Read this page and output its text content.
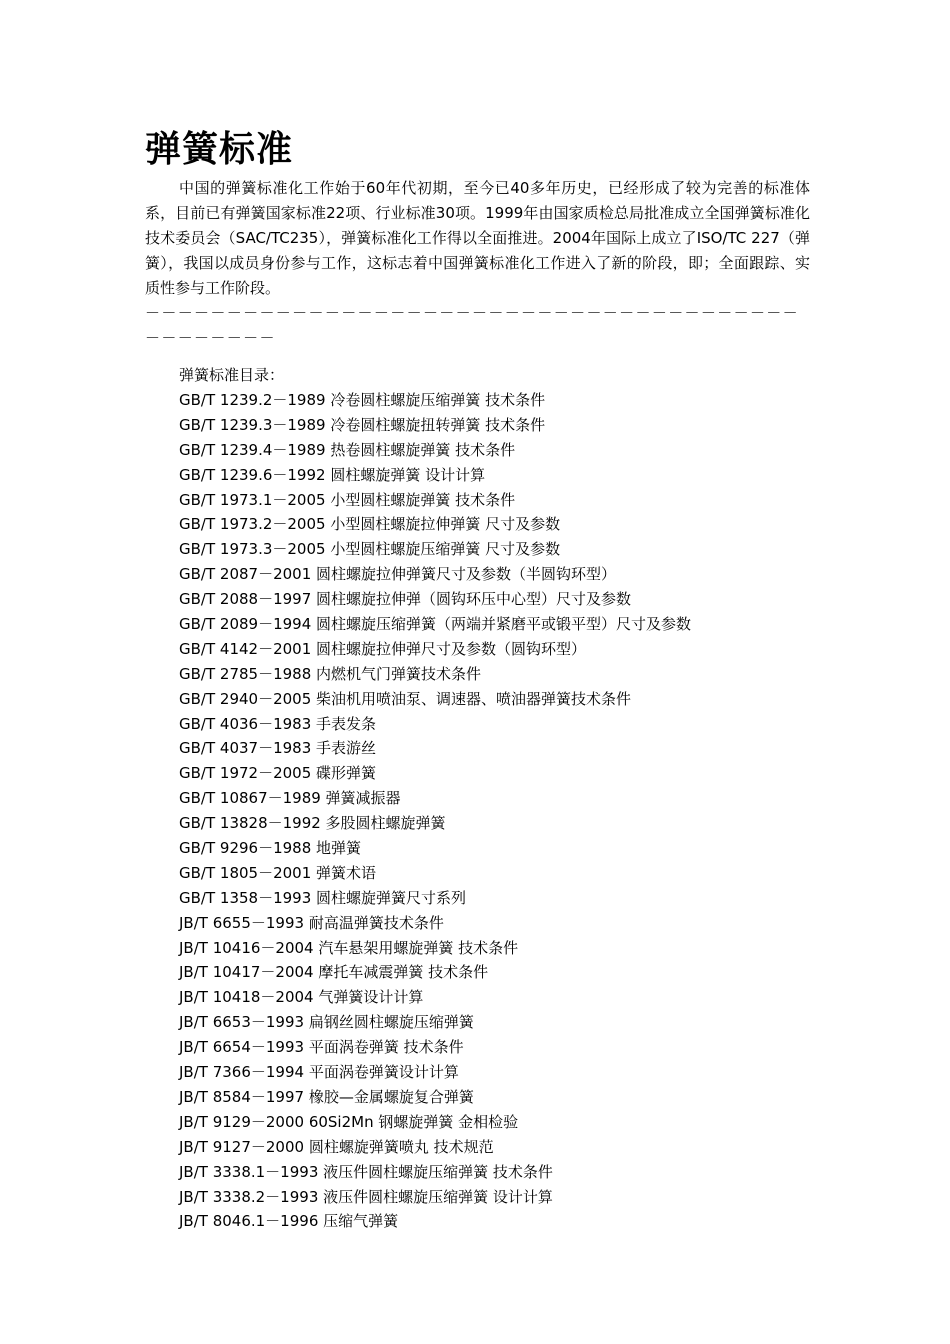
弹簧标准

中国的弹簧标准化工作始于60年代初期，至今已40多年历史，已经形成了较为完善的标准体系，目前已有弹簧国家标准22项、行业标准30项。1999年由国家质检总局批准成立全国弹簧标准化技术委员会（SAC/TC235），弹簧标准化工作得以全面推进。2004年国际上成立了ISO/TC 227（弹簧），我国以成员身份参与工作，这标志着中国弹簧标准化工作进入了新的阶段，即；全面跟踪、实质性参与工作阶段。

－－－－－－－－－－－－－－－－－－－－－－－－－－－－－－－－－－－－－－－－－－－－－－－－

弹簧标准目录：

GB/T 1239.2－1989 冷卷圆柱螺旋压缩弹簧 技术条件
GB/T 1239.3－1989 冷卷圆柱螺旋扭转弹簧 技术条件
GB/T 1239.4－1989 热卷圆柱螺旋弹簧 技术条件
GB/T 1239.6－1992 圆柱螺旋弹簧 设计计算
GB/T 1973.1－2005 小型圆柱螺旋弹簧 技术条件
GB/T 1973.2－2005 小型圆柱螺旋拉伸弹簧 尺寸及参数
GB/T 1973.3－2005 小型圆柱螺旋压缩弹簧 尺寸及参数
GB/T 2087－2001 圆柱螺旋拉伸弹簧尺寸及参数（半圆钩环型）
GB/T 2088－1997 圆柱螺旋拉伸弹（圆钩环压中心型）尺寸及参数
GB/T 2089－1994 圆柱螺旋压缩弹簧（两端并紧磨平或锻平型）尺寸及参数
GB/T 4142－2001 圆柱螺旋拉伸弹尺寸及参数（圆钩环型）
GB/T 2785－1988 内燃机气门弹簧技术条件
GB/T 2940－2005 柴油机用喷油泵、调速器、喷油器弹簧技术条件
GB/T 4036－1983 手表发条
GB/T 4037－1983 手表游丝
GB/T 1972－2005 碟形弹簧
GB/T 10867－1989 弹簧减振器
GB/T 13828－1992 多股圆柱螺旋弹簧
GB/T 9296－1988 地弹簧
GB/T 1805－2001 弹簧术语
GB/T 1358－1993 圆柱螺旋弹簧尺寸系列
JB/T 6655－1993 耐高温弹簧技术条件
JB/T 10416－2004 汽车悬架用螺旋弹簧 技术条件
JB/T 10417－2004 摩托车减震弹簧 技术条件
JB/T 10418－2004 气弹簧设计计算
JB/T 6653－1993 扁钢丝圆柱螺旋压缩弹簧
JB/T 6654－1993 平面涡卷弹簧 技术条件
JB/T 7366－1994 平面涡卷弹簧设计计算
JB/T 8584－1997 橡胶—金属螺旋复合弹簧
JB/T 9129－2000 60Si2Mn 钢螺旋弹簧 金相检验
JB/T 9127－2000 圆柱螺旋弹簧喷丸 技术规范
JB/T 3338.1－1993 液压件圆柱螺旋压缩弹簧 技术条件
JB/T 3338.2－1993 液压件圆柱螺旋压缩弹簧 设计计算
JB/T 8046.1－1996 压缩气弹簧
